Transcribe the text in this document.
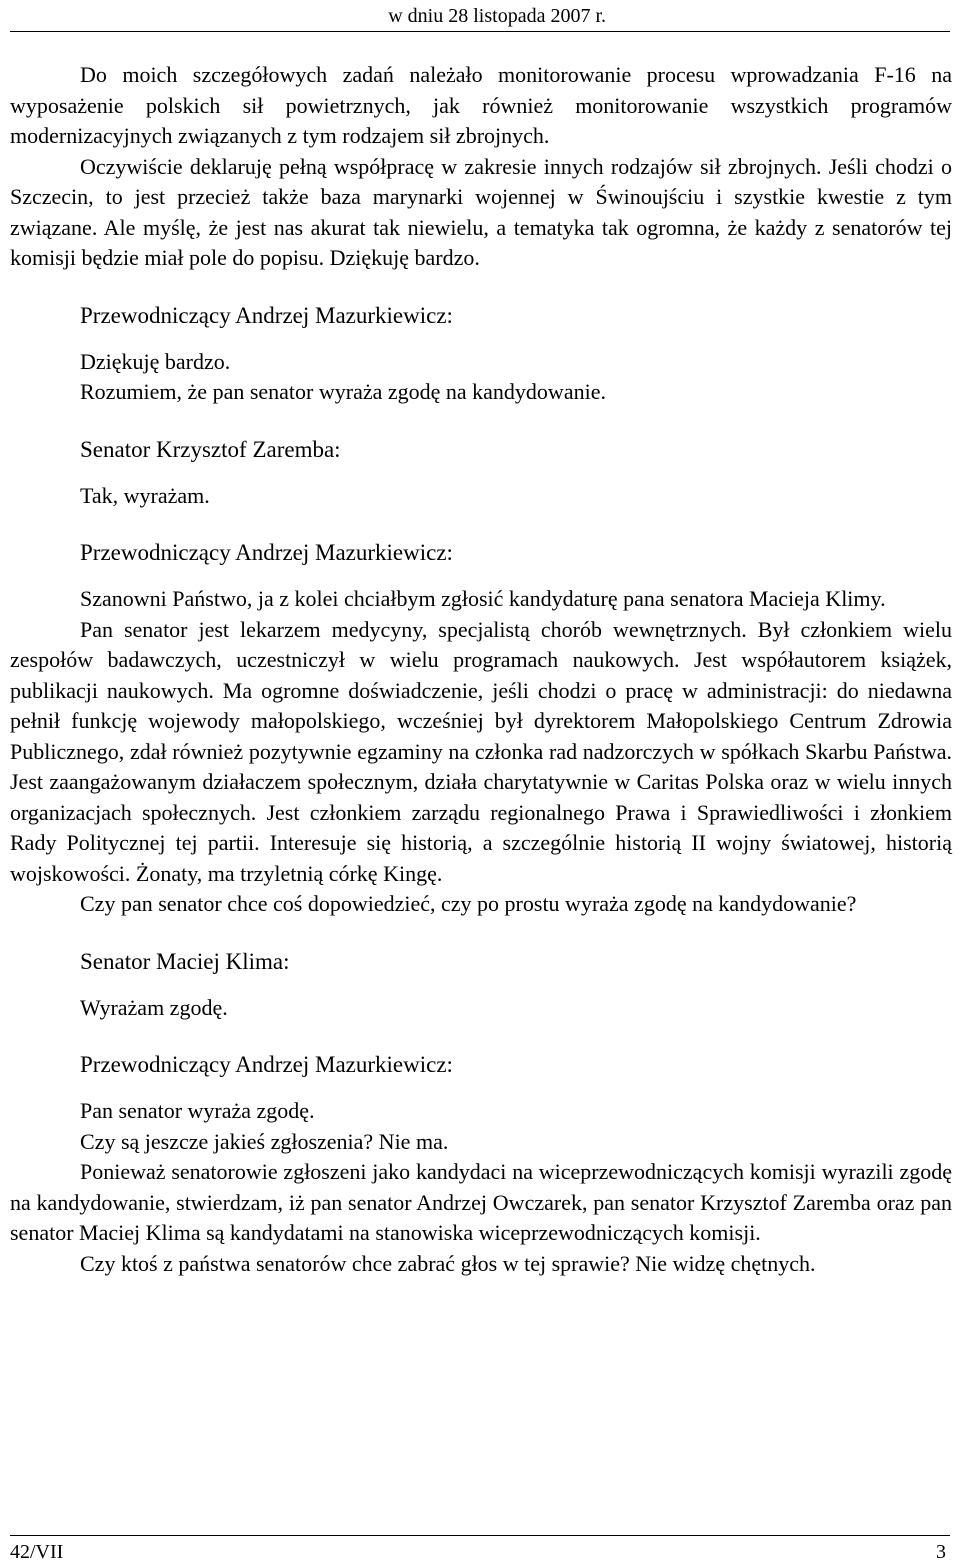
w dniu 28 listopada 2007 r.

Do moich szczegółowych zadań należało monitorowanie procesu wprowadzania F-16 na wyposażenie polskich sił powietrznych, jak również monitorowanie wszystkich programów modernizacyjnych związanych z tym rodzajem sił zbrojnych.

Oczywiście deklaruję pełną współpracę w zakresie innych rodzajów sił zbrojnych. Jeśli chodzi o Szczecin, to jest przecież także baza marynarki wojennej w Świnoujściu i szystkie kwestie z tym związane. Ale myślę, że jest nas akurat tak niewielu, a tematyka tak ogromna, że każdy z senatorów tej komisji będzie miał pole do popisu. Dziękuję bardzo.

Przewodniczący Andrzej Mazurkiewicz:

Dziękuję bardzo.

Rozumiem, że pan senator wyraża zgodę na kandydowanie.

Senator Krzysztof Zaremba:

Tak, wyrażam.

Przewodniczący Andrzej Mazurkiewicz:

Szanowni Państwo, ja z kolei chciałbym zgłosić kandydaturę pana senatora Macieja Klimy.

Pan senator jest lekarzem medycyny, specjalistą chorób wewnętrznych. Był członkiem wielu zespołów badawczych, uczestniczył w wielu programach naukowych. Jest współautorem książek, publikacji naukowych. Ma ogromne doświadczenie, jeśli chodzi o pracę w administracji: do niedawna pełnił funkcję wojewody małopolskiego, wcześniej był dyrektorem Małopolskiego Centrum Zdrowia Publicznego, zdał również pozytywnie egzaminy na członka rad nadzorczych w spółkach Skarbu Państwa. Jest zaangażowanym działaczem społecznym, działa charytatywnie w Caritas Polska oraz w wielu innych organizacjach społecznych. Jest członkiem zarządu regionalnego Prawa i Sprawiedliwości i złonkiem Rady Politycznej tej partii. Interesuje się historią, a szczególnie historią II wojny światowej, historią wojskowości. Żonaty, ma trzyletnią córkę Kingę.

Czy pan senator chce coś dopowiedzieć, czy po prostu wyraża zgodę na kandydowanie?

Senator Maciej Klima:

Wyrażam zgodę.

Przewodniczący Andrzej Mazurkiewicz:

Pan senator wyraża zgodę.

Czy są jeszcze jakieś zgłoszenia? Nie ma.

Ponieważ senatorowie zgłoszeni jako kandydaci na wiceprzewodniczących komisji wyrazili zgodę na kandydowanie, stwierdzam, iż pan senator Andrzej Owczarek, pan senator Krzysztof Zaremba oraz pan senator Maciej Klima są kandydatami na stanowiska wiceprzewodniczących komisji.

Czy ktoś z państwa senatorów chce zabrać głos w tej sprawie? Nie widzę chętnych.

42/VII	3
